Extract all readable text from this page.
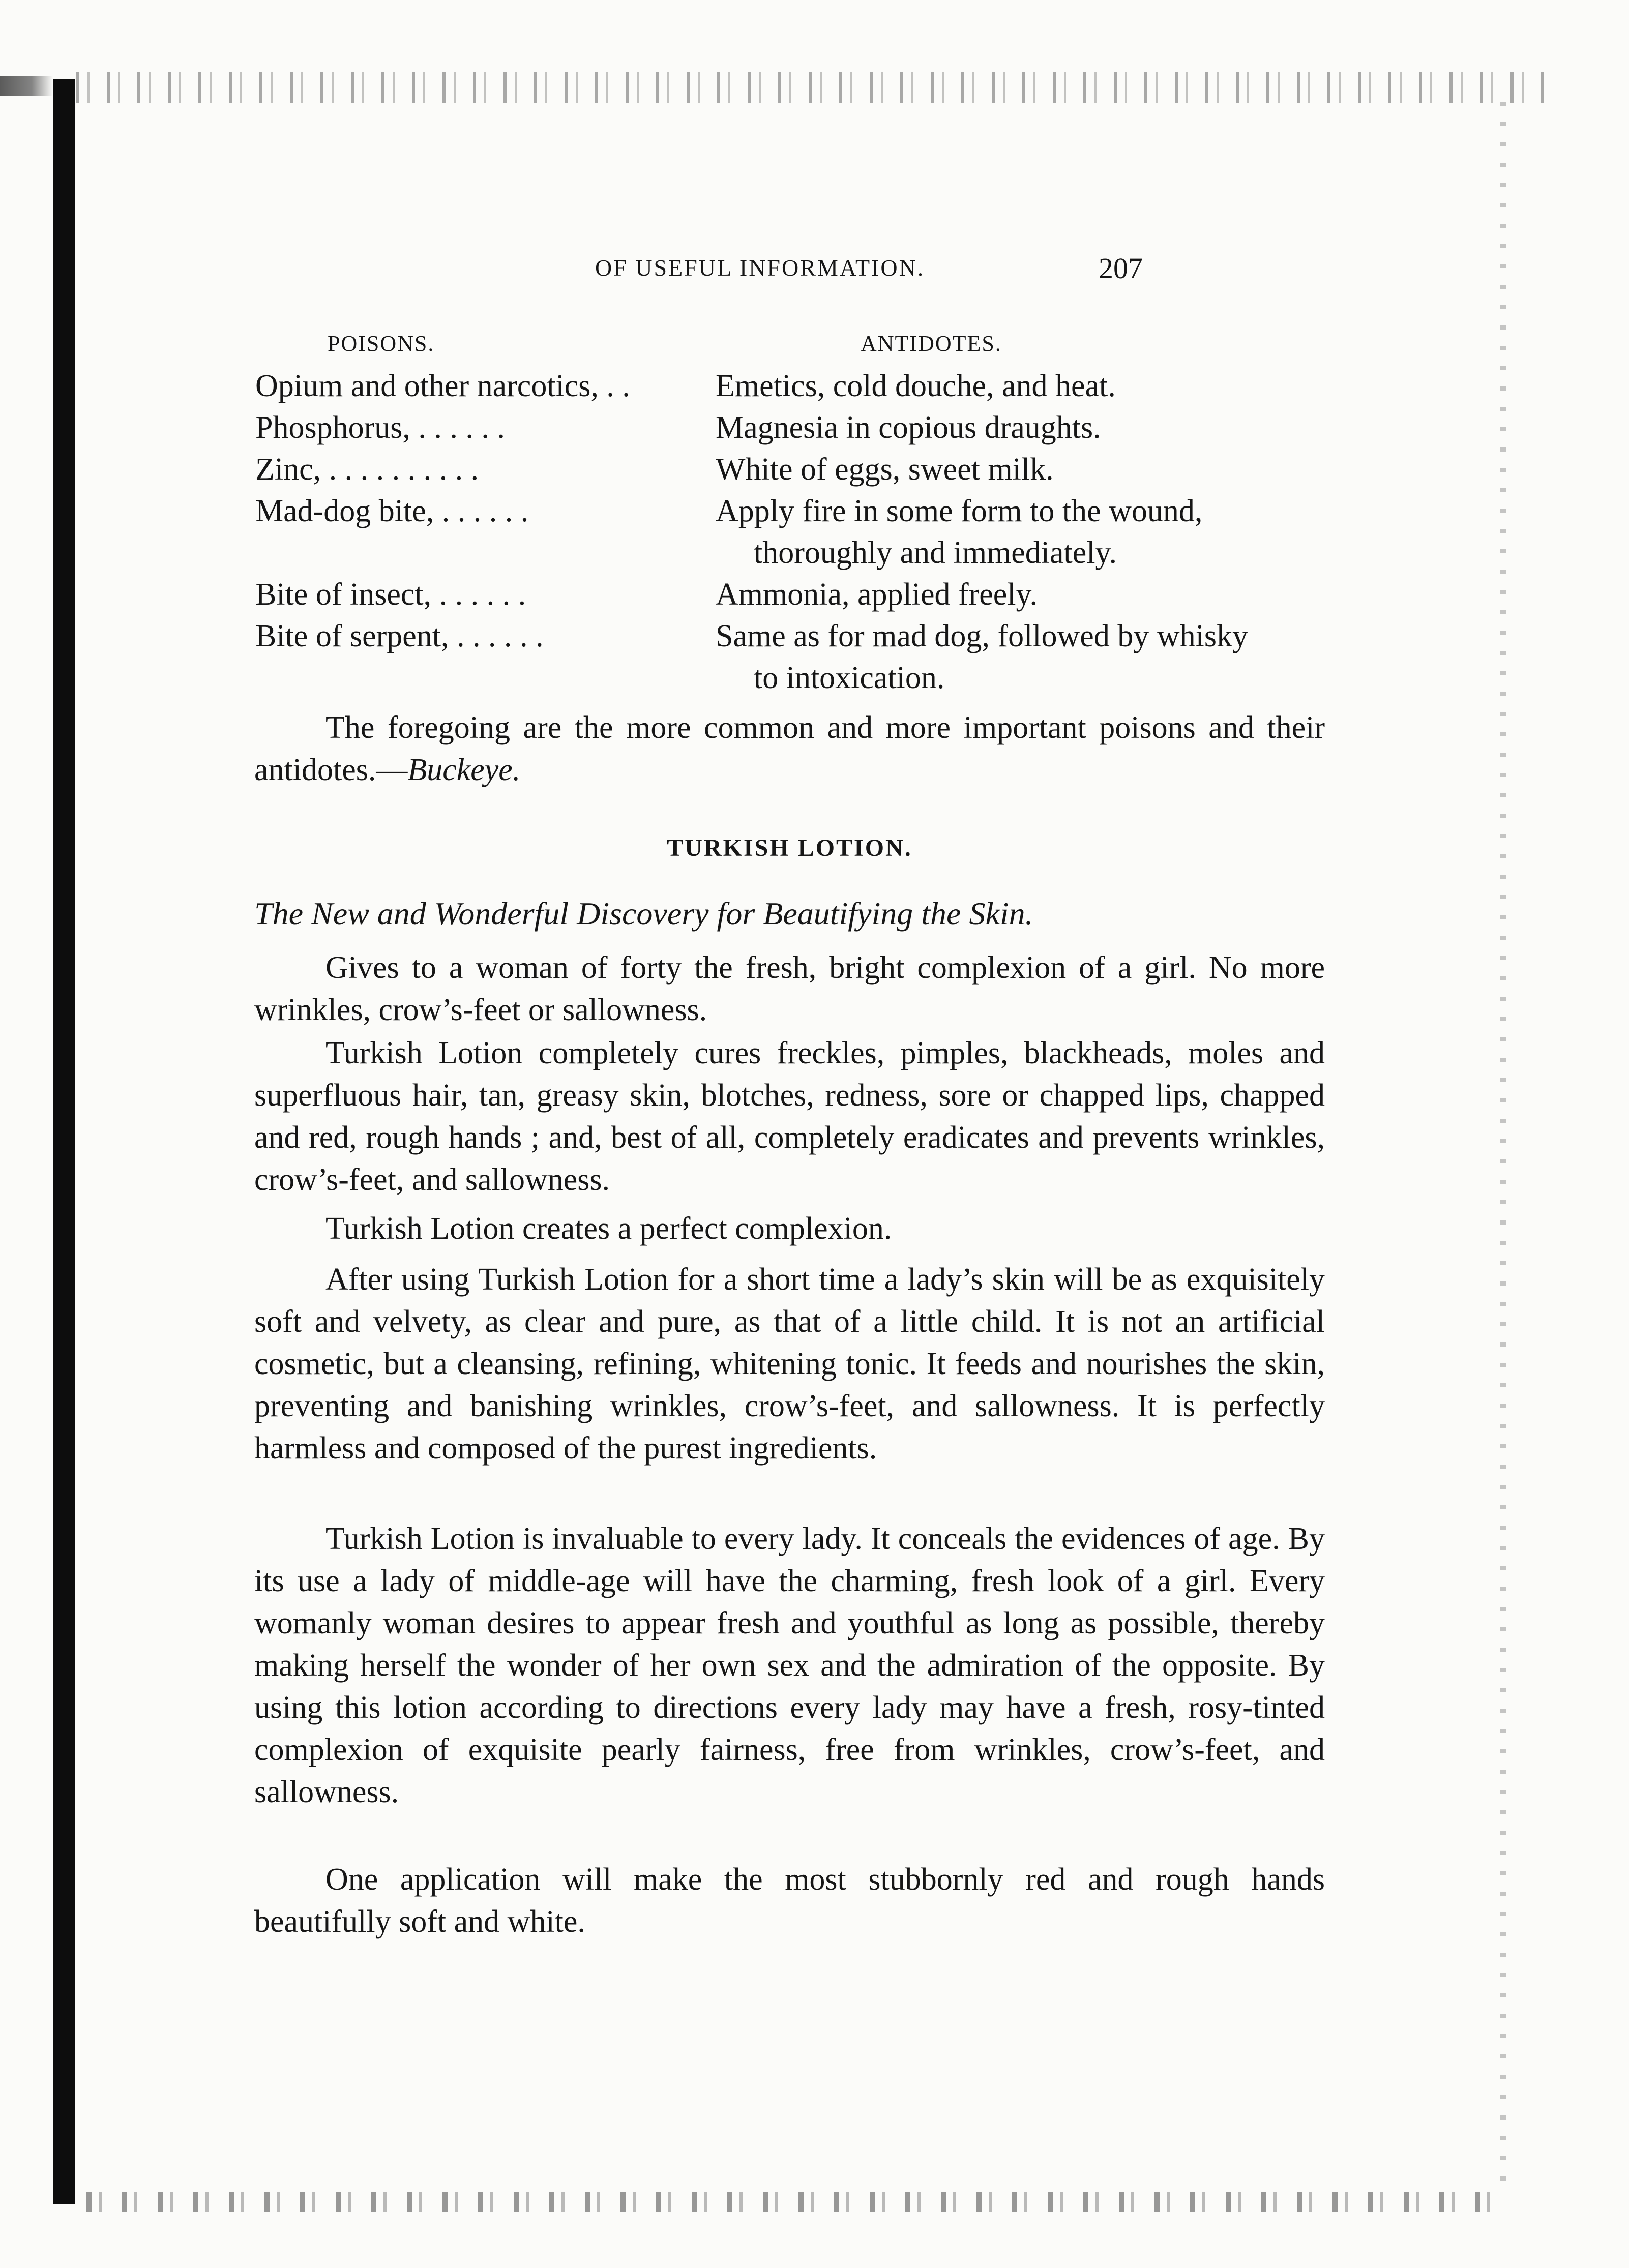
OF USEFUL INFORMATION.	207
POISONS.	ANTIDOTES.
Opium and other narcotics, . .	Emetics, cold douche, and heat.
Phosphorus, . . . . . .	Magnesia in copious draughts.
Zinc, . . . . . . . . . .	White of eggs, sweet milk.
Mad-dog bite, . . . . . .	Apply fire in some form to the wound,
thoroughly and immediately.
Bite of insect, . . . . . .	Ammonia, applied freely.
Bite of serpent, . . . . . .	Same as for mad dog, followed by whisky
to intoxication.

The foregoing are the more common and more important poisons and their antidotes.—Buckeye.

TURKISH LOTION.
The New and Wonderful Discovery for Beautifying the Skin.

Gives to a woman of forty the fresh, bright complexion of a girl. No more wrinkles, crow’s-feet or sallowness.

Turkish Lotion completely cures freckles, pimples, blackheads, moles and superfluous hair, tan, greasy skin, blotches, redness, sore or chapped lips, chapped and red, rough hands ; and, best of all, completely eradicates and prevents wrinkles, crow’s-feet, and sallowness.

Turkish Lotion creates a perfect complexion.

After using Turkish Lotion for a short time a lady’s skin will be as exquisitely soft and velvety, as clear and pure, as that of a little child. It is not an artificial cosmetic, but a cleansing, refining, whitening tonic. It feeds and nourishes the skin, preventing and banishing wrinkles, crow’s-feet, and sallowness. It is perfectly harmless and composed of the purest ingredients.

Turkish Lotion is invaluable to every lady. It conceals the evidences of age. By its use a lady of middle-age will have the charming, fresh look of a girl. Every womanly woman desires to appear fresh and youthful as long as possible, thereby making herself the wonder of her own sex and the admiration of the opposite. By using this lotion according to directions every lady may have a fresh, rosy-tinted complexion of exquisite pearly fairness, free from wrinkles, crow’s-feet, and sallowness.

One application will make the most stubbornly red and rough hands beautifully soft and white.
